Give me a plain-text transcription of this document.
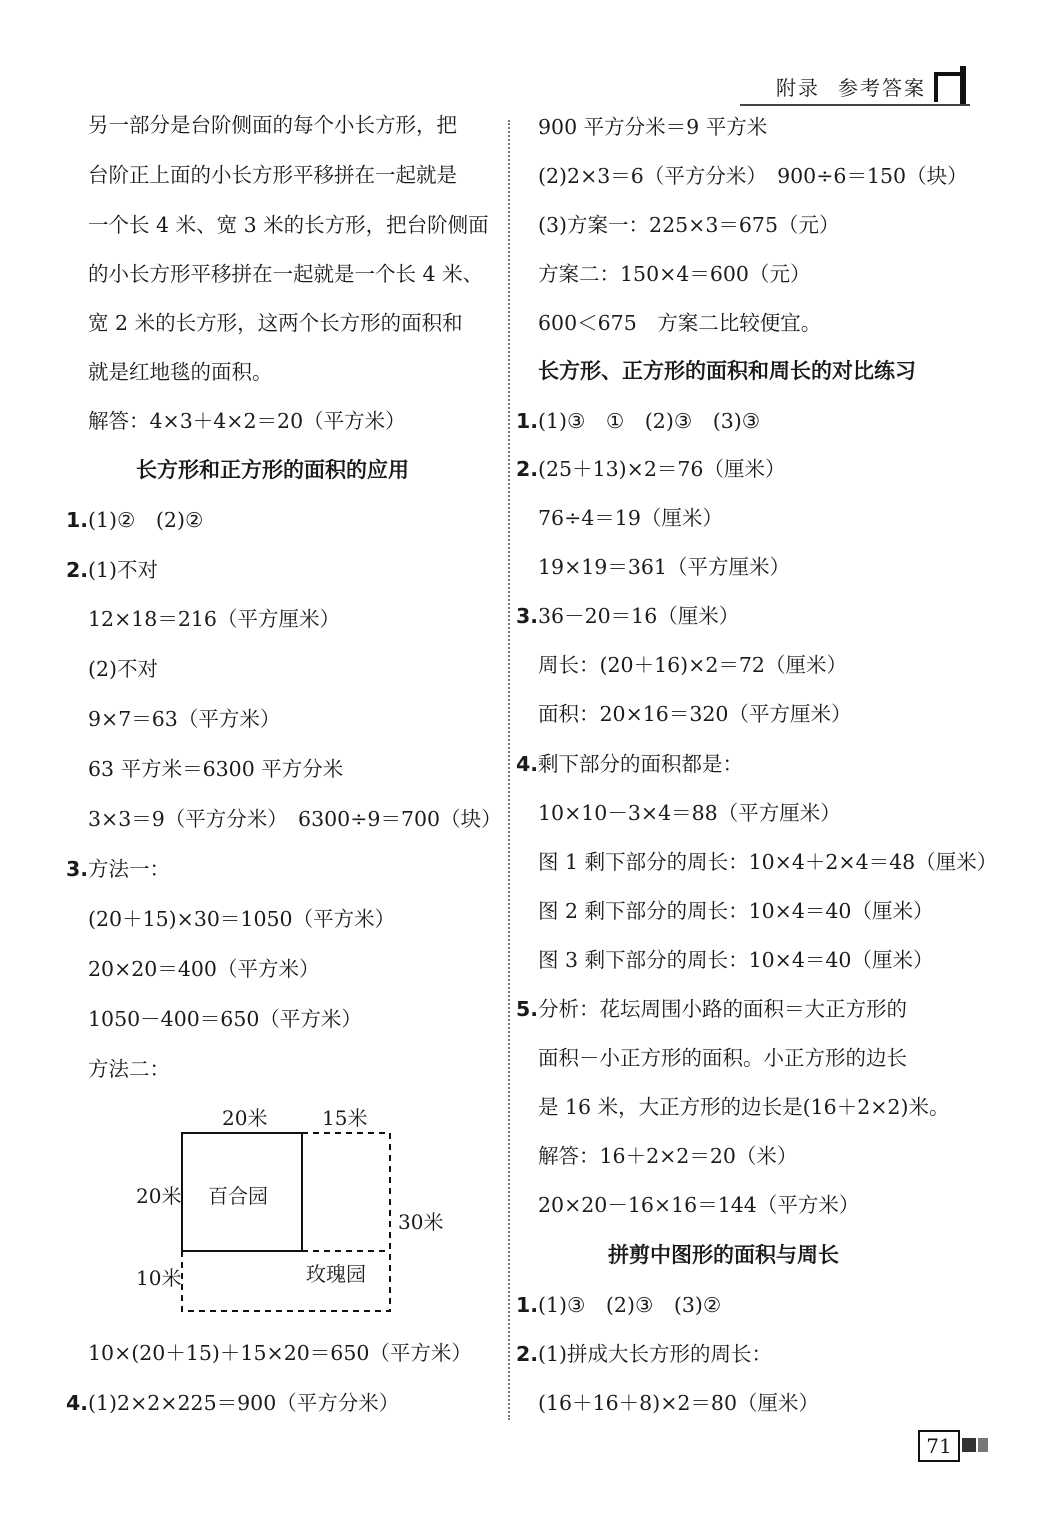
附录 参考答案
另一部分是台阶侧面的每个小长方形，把
台阶正上面的小长方形平移拼在一起就是
一个长 4 米、宽 3 米的长方形，把台阶侧面
的小长方形平移拼在一起就是一个长 4 米、
宽 2 米的长方形，这两个长方形的面积和
就是红地毯的面积。
解答：4×3＋4×2＝20（平方米）
长方形和正方形的面积的应用
1. (1)②　(2)②
2. (1)不对
12×18＝216（平方厘米）
(2)不对
9×7＝63（平方米）
63 平方米＝6300 平方分米
3×3＝9（平方分米）　6300÷9＝700（块）
3. 方法一：
(20＋15)×30＝1050（平方米）
20×20＝400（平方米）
1050－400＝650（平方米）
方法二：
20米	15米
20米
10米
30米
百合园
玫瑰园
10×(20＋15)＋15×20＝650（平方米）
4. (1)2×2×225＝900（平方分米）
900 平方分米＝9 平方米
(2)2×3＝6（平方分米）　900÷6＝150（块）
(3)方案一：225×3＝675（元）
方案二：150×4＝600（元）
600＜675　方案二比较便宜。
长方形、正方形的面积和周长的对比练习
1. (1)③　①　(2)③　(3)③
2. (25＋13)×2＝76（厘米）
76÷4＝19（厘米）
19×19＝361（平方厘米）
3. 36－20＝16（厘米）
周长：(20＋16)×2＝72（厘米）
面积：20×16＝320（平方厘米）
4. 剩下部分的面积都是：
10×10－3×4＝88（平方厘米）
图 1 剩下部分的周长：10×4＋2×4＝48（厘米）
图 2 剩下部分的周长：10×4＝40（厘米）
图 3 剩下部分的周长：10×4＝40（厘米）
5. 分析：花坛周围小路的面积＝大正方形的
面积－小正方形的面积。小正方形的边长
是 16 米，大正方形的边长是(16＋2×2)米。
解答：16＋2×2＝20（米）
20×20－16×16＝144（平方米）
拼剪中图形的面积与周长
1. (1)③　(2)③　(3)②
2. (1)拼成大长方形的周长：
(16＋16＋8)×2＝80（厘米）
71
